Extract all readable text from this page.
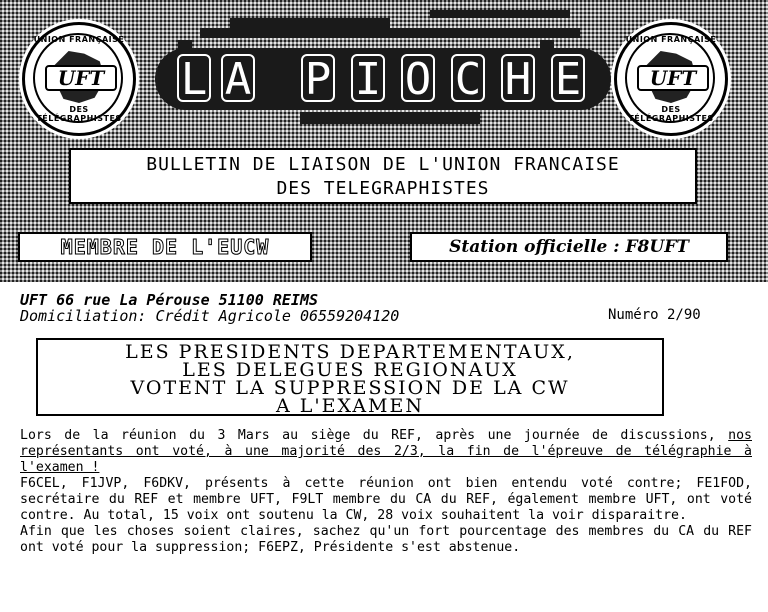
UNION FRANÇAISE
UFT
DES TÉLÉGRAPHISTES
UNION FRANÇAISE
UFT
DES TÉLÉGRAPHISTES
L A P I O C H E
BULLETIN DE LIAISON DE L'UNION FRANCAISE
DES TELEGRAPHISTES
MEMBRE DE L'EUCW	Station officielle : F8UFT
UFT 66 rue La Pérouse 51100 REIMS
Domiciliation: Crédit Agricole 06559204120	Numéro 2/90
LES PRESIDENTS DEPARTEMENTAUX,
LES DELEGUES REGIONAUX
VOTENT LA SUPPRESSION DE LA CW
A L'EXAMEN

Lors de la réunion du 3 Mars au siège du REF, après une journée de discussions, nos représentants ont voté, à une majorité des 2/3, la fin de l'épreuve de télégraphie à l'examen !

F6CEL, F1JVP, F6DKV, présents à cette réunion ont bien entendu voté contre; FE1FOD, secrétaire du REF et membre UFT, F9LT membre du CA du REF, également membre UFT, ont voté contre. Au total, 15 voix ont soutenu la CW, 28 voix souhaitent la voir disparaitre.

Afin que les choses soient claires, sachez qu'un fort pourcentage des membres du CA du REF ont voté pour la suppression; F6EPZ, Présidente s'est abstenue.
